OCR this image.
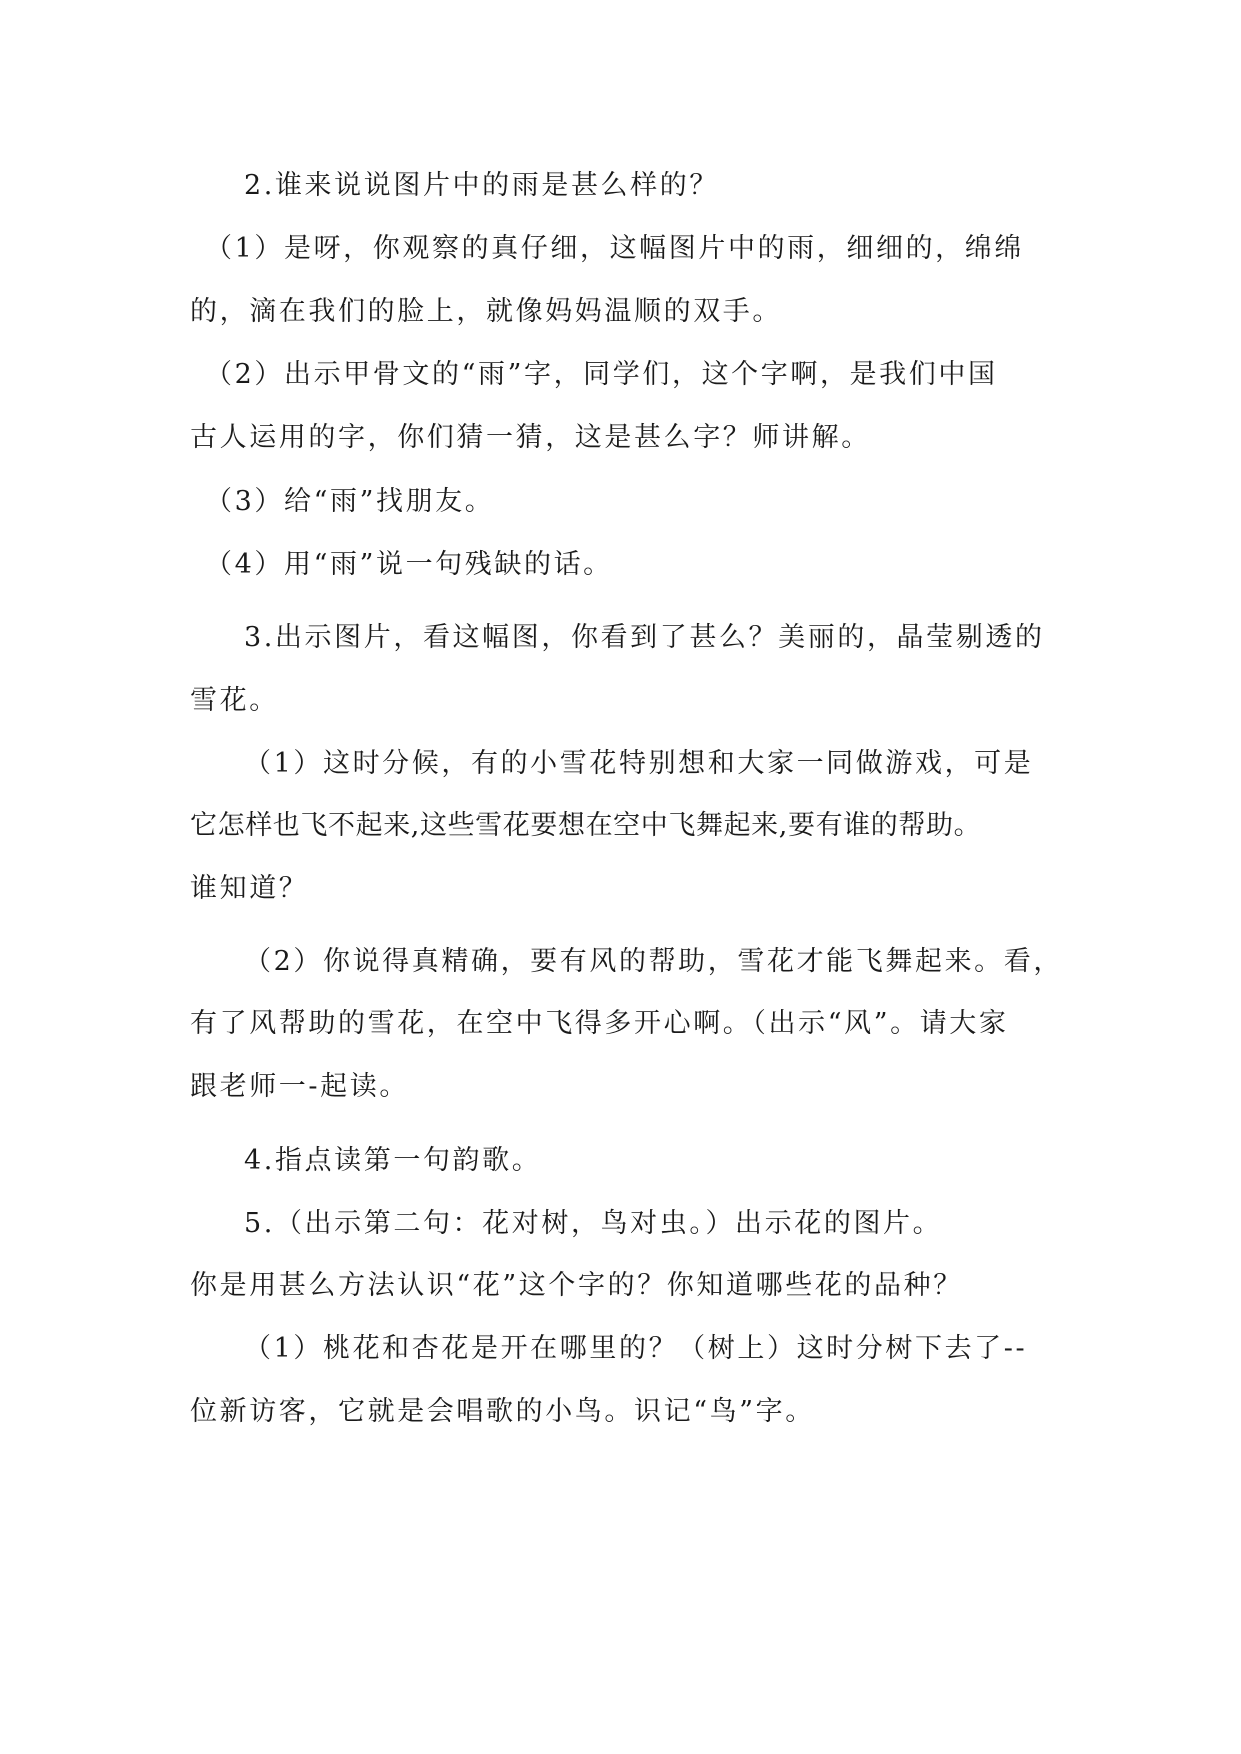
2.谁来说说图片中的雨是甚么样的？
（1）是呀，你观察的真仔细，这幅图片中的雨，细细的，绵绵
的，滴在我们的脸上，就像妈妈温顺的双手。
（2）出示甲骨文的“雨”字，同学们，这个字啊，是我们中国
古人运用的字，你们猜一猜，这是甚么字？师讲解。
（3）给“雨”找朋友。
（4）用“雨”说一句残缺的话。
3.出示图片，看这幅图，你看到了甚么？美丽的，晶莹剔透的
雪花。
（1）这时分候，有的小雪花特别想和大家一同做游戏，可是
它怎样也飞不起来,这些雪花要想在空中飞舞起来,要有谁的帮助。
谁知道？
（2）你说得真精确，要有风的帮助，雪花才能飞舞起来。看，
有了风帮助的雪花，在空中飞得多开心啊。（出示“风”。请大家
跟老师一-起读。
4.指点读第一句韵歌。
5.（出示第二句：花对树，鸟对虫。）出示花的图片。
你是用甚么方法认识“花”这个字的？你知道哪些花的品种？
（1）桃花和杏花是开在哪里的？（树上）这时分树下去了--
位新访客，它就是会唱歌的小鸟。识记“鸟”字。
